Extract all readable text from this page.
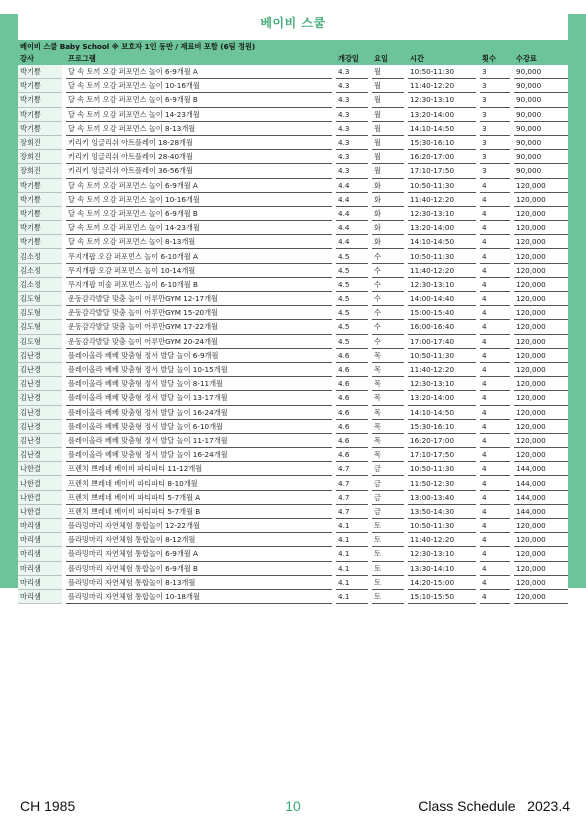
베이비 스쿨
베이비 스쿨 Baby School ※ 보호자 1인 동반 / 재료비 포함 (6팀 정원)
강사		프로그램		개강일		요일		시간		횟수		수강료
박기쁨		달 속 토끼 오감 퍼포먼스 놀이 6-9개월 A		4.3		월		10:50-11:30		3		90,000
박기쁨		달 속 토끼 오감 퍼포먼스 놀이 10-16개월		4.3		월		11:40-12:20		3		90,000
박기쁨		달 속 토끼 오감 퍼포먼스 놀이 6-9개월 B		4.3		월		12:30-13:10		3		90,000
박기쁨		달 속 토끼 오감 퍼포먼스 놀이 14-23개월		4.3		월		13:20-14:00		3		90,000
박기쁨		달 속 토끼 오감 퍼포먼스 놀이 8-13개월		4.3		월		14:10-14:50		3		90,000
장희진		키리키 잉글리쉬 아트플레이 18-28개월		4.3		월		15:30-16:10		3		90,000
장희진		키리키 잉글리쉬 아트플레이 28-40개월		4.3		월		16:20-17:00		3		90,000
장희진		키리키 잉글리쉬 아트플레이 36-56개월		4.3		월		17:10-17:50		3		90,000
박기쁨		달 속 토끼 오감 퍼포먼스 놀이 6-9개월 A		4.4		화		10:50-11:30		4		120,000
박기쁨		달 속 토끼 오감 퍼포먼스 놀이 10-16개월		4.4		화		11:40-12:20		4		120,000
박기쁨		달 속 토끼 오감 퍼포먼스 놀이 6-9개월 B		4.4		화		12:30-13:10		4		120,000
박기쁨		달 속 토끼 오감 퍼포먼스 놀이 14-23개월		4.4		화		13:20-14:00		4		120,000
박기쁨		달 속 토끼 오감 퍼포먼스 놀이 8-13개월		4.4		화		14:10-14:50		4		120,000
김소정		무지개팝 오감 퍼포먼스 놀이 6-10개월 A		4.5		수		10:50-11:30		4		120,000
김소정		무지개팝 오감 퍼포먼스 놀이 10-14개월		4.5		수		11:40-12:20		4		120,000
김소정		무지개팝 미술 퍼포먼스 놀이 6-10개월 B		4.5		수		12:30-13:10		4		120,000
김도형		운동감각발달 맞춤 놀이 어루만GYM 12-17개월		4.5		수		14:00-14:40		4		120,000
김도형		운동감각발달 맞춤 놀이 어루만GYM 15-20개월		4.5		수		15:00-15:40		4		120,000
김도형		운동감각발달 맞춤 놀이 어루만GYM 17-22개월		4.5		수		16:00-16:40		4		120,000
김도형		운동감각발달 맞춤 놀이 어루만GYM 20-24개월		4.5		수		17:00-17:40		4		120,000
김난경		플레이올라 베베 맞춤형 정서 발달 놀이 6-9개월		4.6		목		10:50-11:30		4		120,000
김난경		플레이올라 베베 맞춤형 정서 발달 놀이 10-15개월		4.6		목		11:40-12:20		4		120,000
김난경		플레이올라 베베 맞춤형 정서 발달 놀이 8-11개월		4.6		목		12:30-13:10		4		120,000
김난경		플레이올라 베베 맞춤형 정서 발달 놀이 13-17개월		4.6		목		13:20-14:00		4		120,000
김난경		플레이올라 베베 맞춤형 정서 발달 놀이 16-24개월		4.6		목		14:10-14:50		4		120,000
김난경		플레이올라 베베 맞춤형 정서 발달 놀이 6-10개월		4.6		목		15:30-16:10		4		120,000
김난경		플레이올라 베베 맞춤형 정서 발달 놀이 11-17개월		4.6		목		16:20-17:00		4		120,000
김난경		플레이올라 베베 맞춤형 정서 발달 놀이 16-24개월		4.6		목		17:10-17:50		4		120,000
나한결		프렌치 쁘레네 베이비 파티파티 11-12개월		4.7		금		10:50-11:30		4		144,000
나한결		프렌치 쁘레네 베이비 파티파티 8-10개월		4.7		금		11:50-12:30		4		144,000
나한결		프렌치 쁘레네 베이비 파티파티 5-7개월 A		4.7		금		13:00-13:40		4		144,000
나한결		프렌치 쁘레네 베이비 파티파티 5-7개월 B		4.7		금		13:50-14:30		4		144,000
마리샘		플라밍마리 자연체험 통합놀이 12-22개월		4.1		토		10:50-11:30		4		120,000
마리샘		플라밍마리 자연체험 통합놀이 8-12개월		4.1		토		11:40-12:20		4		120,000
마리샘		플라밍마리 자연체험 통합놀이 6-9개월 A		4.1		토		12:30-13:10		4		120,000
마리샘		플라밍마리 자연체험 통합놀이 6-9개월 B		4.1		토		13:30-14:10		4		120,000
마리샘		플라밍마리 자연체험 통합놀이 8-13개월		4.1		토		14:20-15:00		4		120,000
마리샘		플라밍마리 자연체험 통합놀이 10-18개월		4.1		토		15:10-15:50		4		120,000
CH 1985	10	Class Schedule   2023.4
